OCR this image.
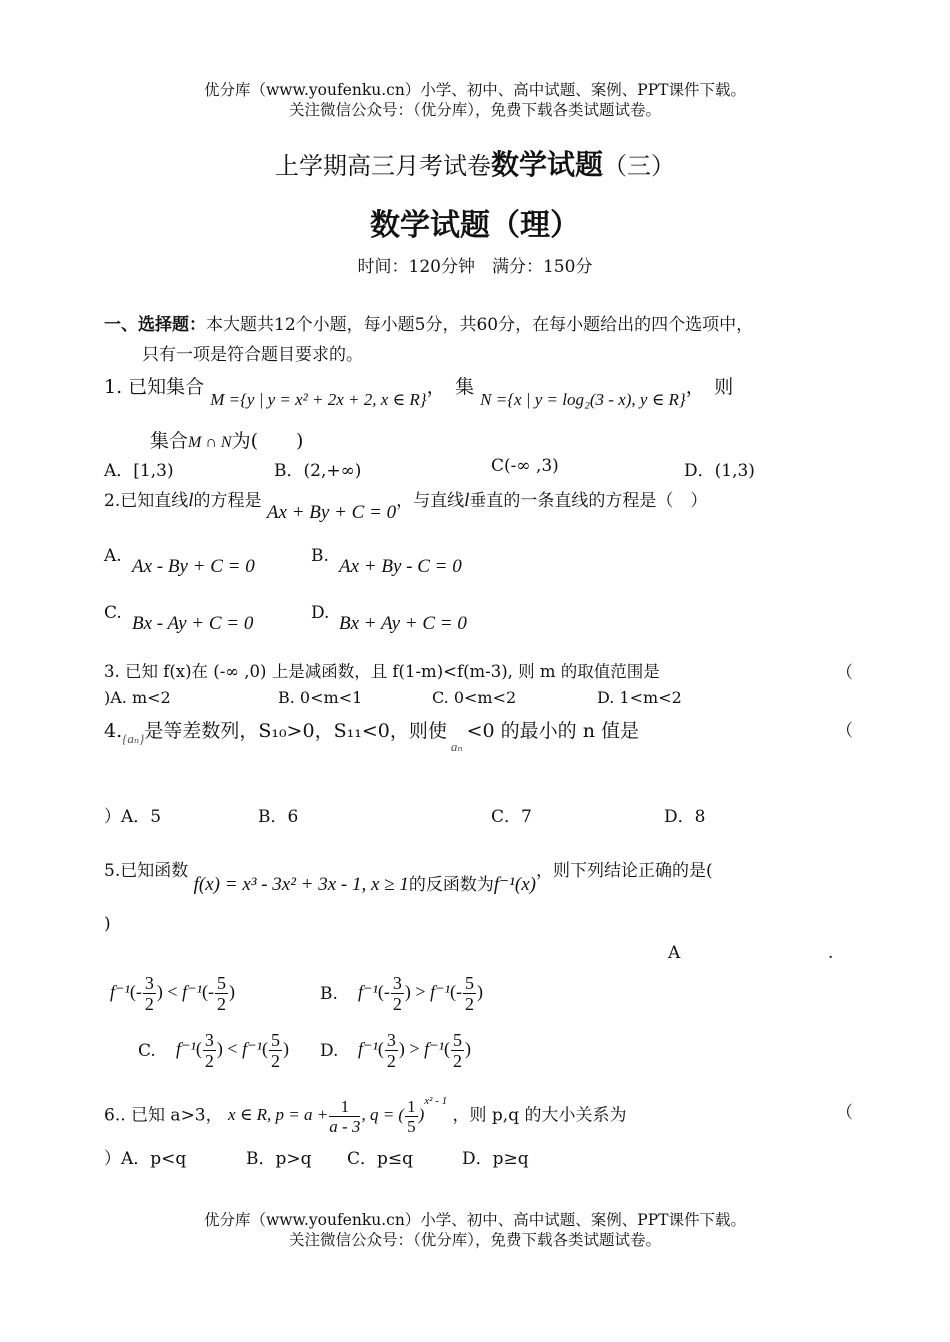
优分库（www.youfenku.cn）小学、初中、高中试题、案例、PPT课件下载。
关注微信公众号：（优分库），免费下载各类试题试卷。
上学期高三月考试卷数学试题（三）
数学试题（理）
时间：120分钟　满分：150分
一、选择题：本大题共12个小题，每小题5分，共60分，在每小题给出的四个选项中，
只有一项是符合题目要求的。
1. 已知集合 M ={y | y = x² + 2x + 2, x ∈ R}，　集 N ={x | y = log₂(3 - x), y ∈ R}，　则
集合M ∩ N为(　　)
A．[1,3)	B．(2,+∞)	C(-∞ ,3)	D．(1,3)
2.已知直线l的方程是 Ax + By + C = 0，与直线l垂直的一条直线的方程是（　）
A. Ax - By + C = 0	B. Ax + By - C = 0
C. Bx - Ay + C = 0	D. Bx + Ay + C = 0
3. 已知 f(x)在 (-∞ ,0) 上是减函数，且 f(1-m)<f(m-3), 则 m 的取值范围是	（
)A. m<2	B. 0<m<1	C. 0<m<2	D. 1<m<2
$4._{\{a_n\}}$是等差数列，S₁₀>0，S₁₁<0，则使$_{a_n}$<0 的最小的 n 值是	（
）A．5	B．6	C．7	D．8
5.已知函数 f(x) = x³ - 3x² + 3x - 1, x ≥ 1的反函数为f⁻¹(x)，则下列结论正确的是(
)
A	.
$f^{-1}(- \frac{3}{2}$ ) < $f^{-1}(- \frac{5}{2}$ )	B. $f^{-1}(- \frac{3}{2}$ ) > $f^{-1}(- \frac{5}{2}$ )
C. $f^{-1}( \frac{3}{2}$ ) < $f^{-1}( \frac{5}{2}$ ) D. $f^{-1}( \frac{3}{2}$ ) > $f^{-1}( \frac{5}{2}$ )
6.. 已知 a>3， x ∈ R, $p = a + \frac{1}{a - 3}$ , q = ( $\frac{1}{5} )^{x^2 - 1}$ ，则 p,q 的大小关系为	（
）A．p<q	B．p>q C．p≤q	D．p≥q
优分库（www.youfenku.cn）小学、初中、高中试题、案例、PPT课件下载。
关注微信公众号：（优分库），免费下载各类试题试卷。
